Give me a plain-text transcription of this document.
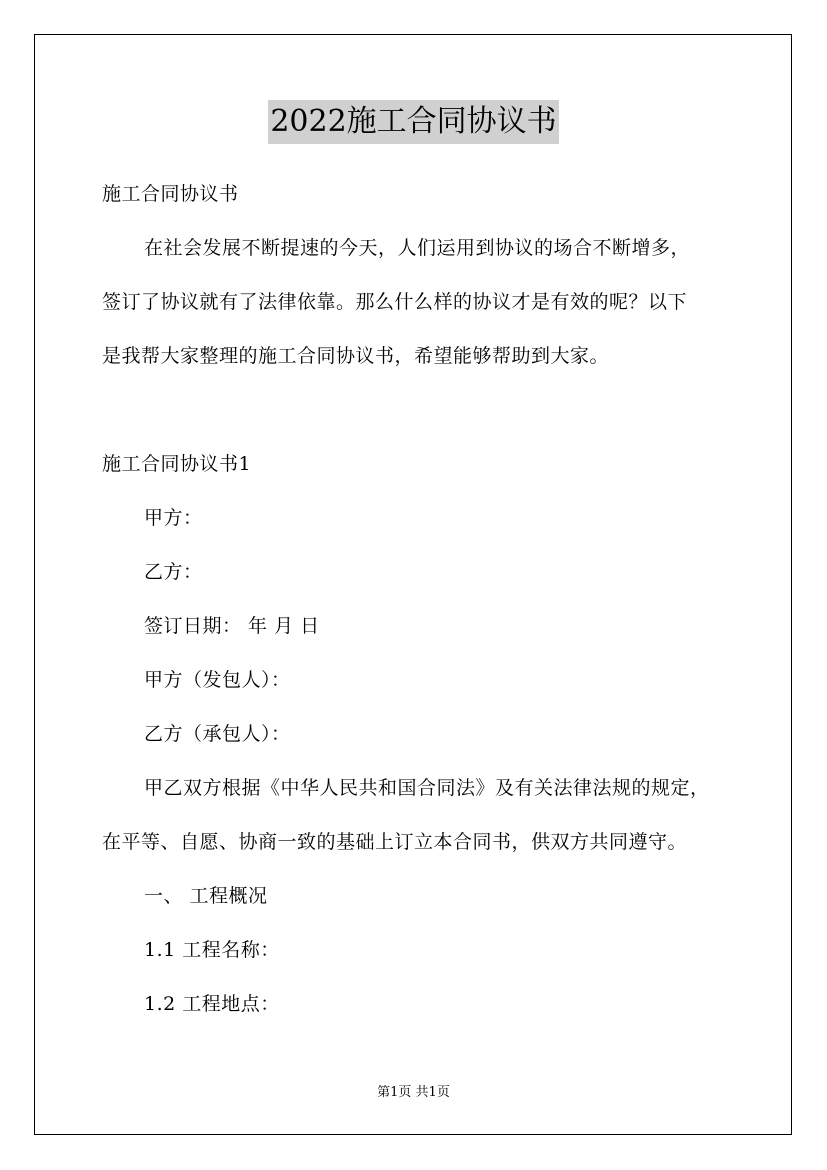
2022施工合同协议书

施工合同协议书

在社会发展不断提速的今天，人们运用到协议的场合不断增多，

签订了协议就有了法律依靠。那么什么样的协议才是有效的呢？以下

是我帮大家整理的施工合同协议书，希望能够帮助到大家。

施工合同协议书1

甲方：

乙方：

签订日期： 年 月 日

甲方（发包人）：

乙方（承包人）：

甲乙双方根据《中华人民共和国合同法》及有关法律法规的规定，

在平等、自愿、协商一致的基础上订立本合同书，供双方共同遵守。

一、 工程概况

1.1 工程名称：

1.2 工程地点：

第1页 共1页
